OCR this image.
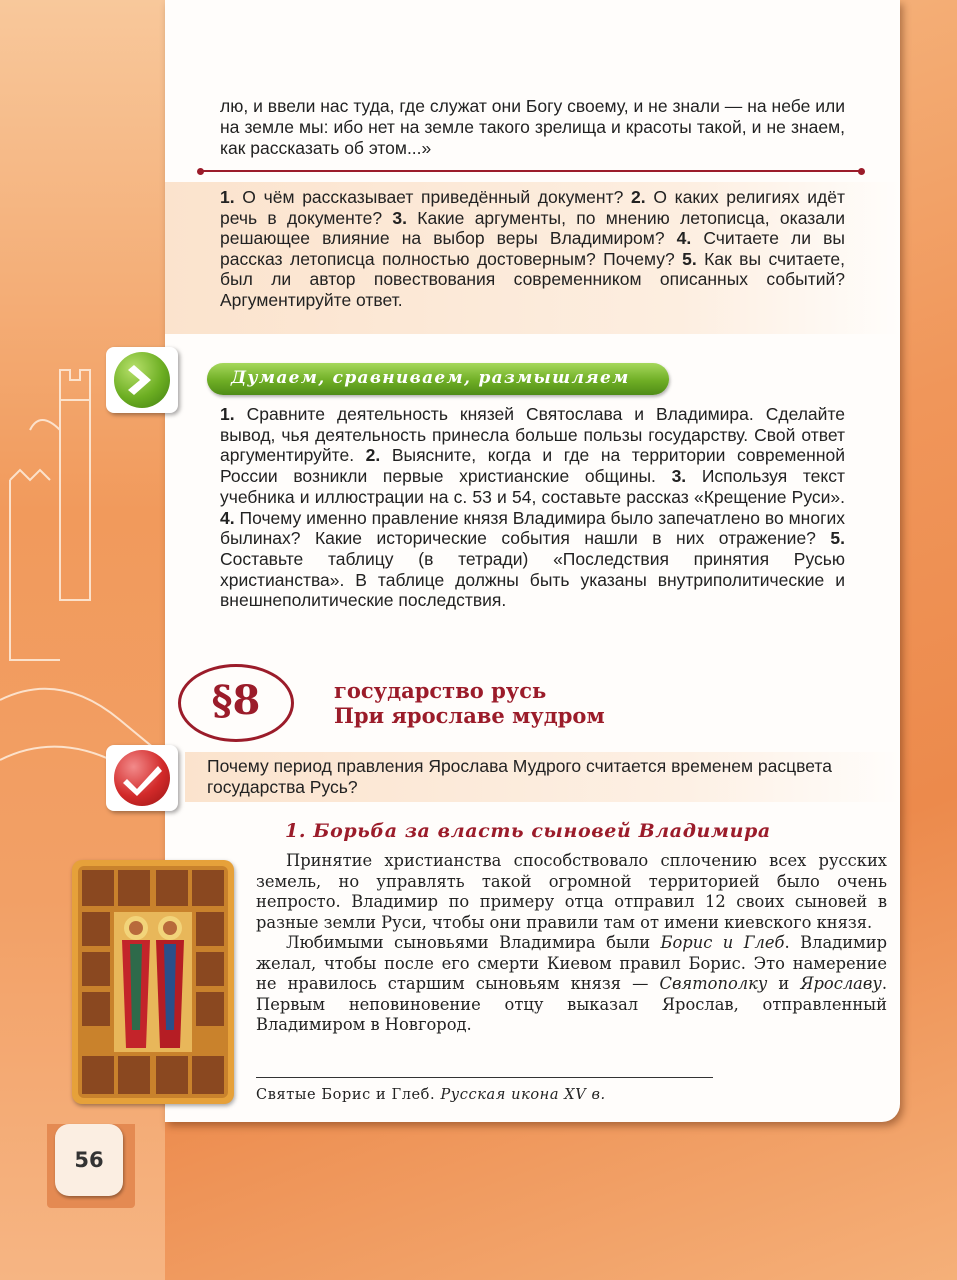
лю, и ввели нас туда, где служат они Богу своему, и не знали — на небе или на земле мы: ибо нет на земле такого зрелища и красоты такой, и не знаем, как рассказать об этом...»
1. О чём рассказывает приведённый документ? 2. О каких религиях идёт речь в документе? 3. Какие аргументы, по мнению летописца, оказали решающее влияние на выбор веры Владимиром? 4. Считаете ли вы рассказ летописца полностью достоверным? Почему? 5. Как вы считаете, был ли автор повествования современником описанных событий? Аргументируйте ответ.
Думаем, сравниваем, размышляем
1. Сравните деятельность князей Святослава и Владимира. Сделайте вывод, чья деятельность принесла больше пользы государству. Свой ответ аргументируйте. 2. Выясните, когда и где на территории современной России возникли первые христианские общины. 3. Используя текст учебника и иллюстрации на с. 53 и 54, составьте рассказ «Крещение Руси». 4. Почему именно правление князя Владимира было запечатлено во многих былинах? Какие исторические события нашли в них отражение? 5. Составьте таблицу (в тетради) «Последствия принятия Русью христианства». В таблице должны быть указаны внутриполитические и внешнеполитические последствия.
§8	государство русь
При ярославе мудром
Почему период правления Ярослава Мудрого считается временем расцвета государства Русь?
1. Борьба за власть сыновей Владимира

Принятие христианства способствовало сплочению всех русских земель, но управлять такой огромной территорией было очень непросто. Владимир по примеру отца отправил 12 своих сыновей в разные земли Руси, чтобы они правили там от имени киевского князя.

Любимыми сыновьями Владимира были Борис и Глеб. Владимир желал, чтобы после его смерти Киевом правил Борис. Это намерение не нравилось старшим сыновьям князя — Святополку и Ярославу. Первым неповиновение отцу выказал Ярослав, отправленный Владимиром в Новгород.

Святые Борис и Глеб. Русская икона XV в.
56
